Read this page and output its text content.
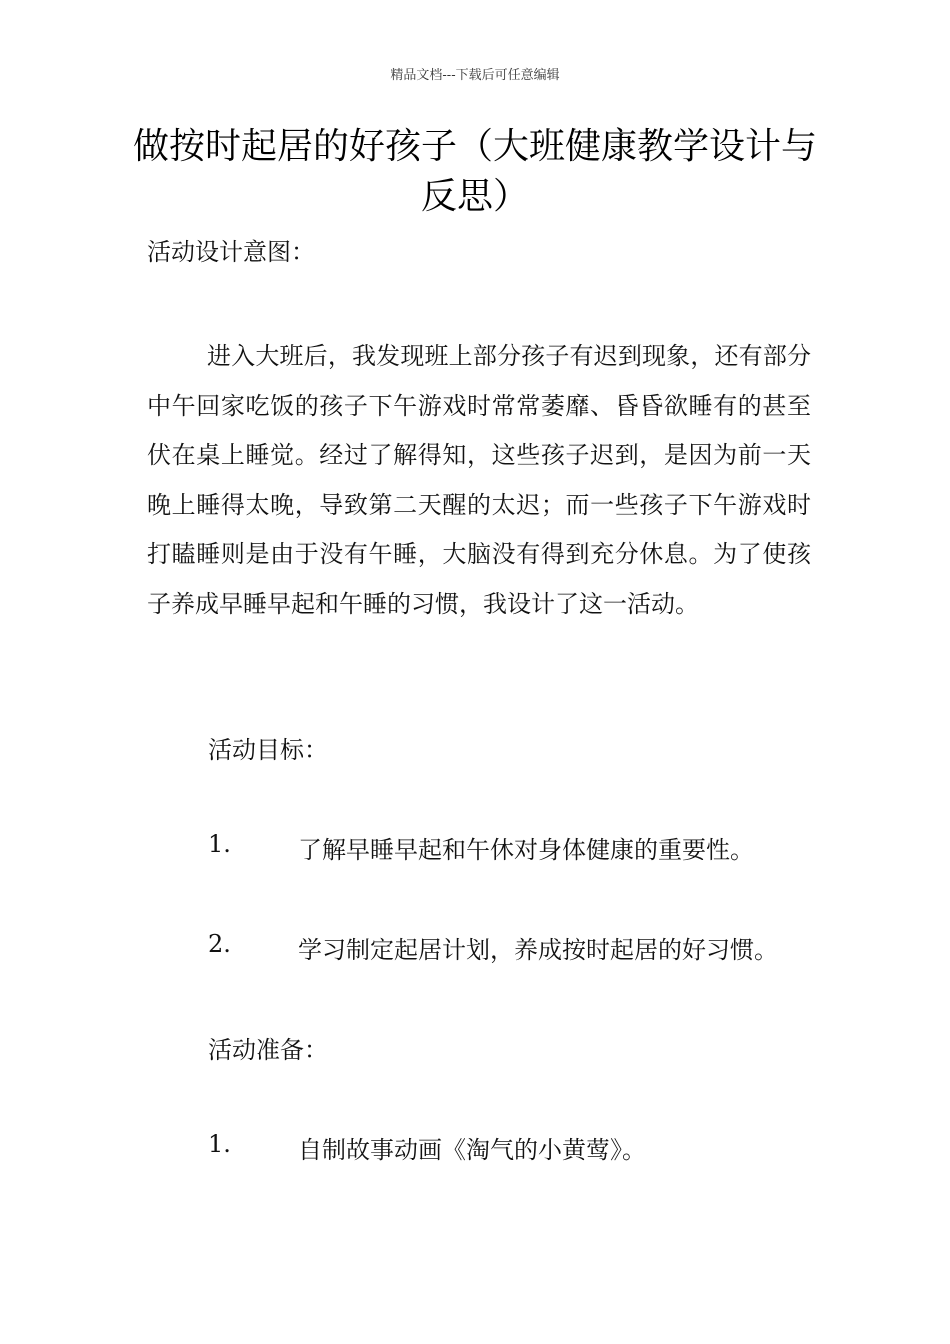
精品文档---下载后可任意编辑
做按时起居的好孩子（大班健康教学设计与反思）
活动设计意图：
进入大班后，我发现班上部分孩子有迟到现象，还有部分中午回家吃饭的孩子下午游戏时常常萎靡、昏昏欲睡有的甚至伏在桌上睡觉。经过了解得知，这些孩子迟到，是因为前一天晚上睡得太晚，导致第二天醒的太迟；而一些孩子下午游戏时打瞌睡则是由于没有午睡，大脑没有得到充分休息。为了使孩子养成早睡早起和午睡的习惯，我设计了这一活动。
活动目标：
1.	了解早睡早起和午休对身体健康的重要性。
2.	学习制定起居计划，养成按时起居的好习惯。
活动准备：
1.	自制故事动画《淘气的小黄莺》。
